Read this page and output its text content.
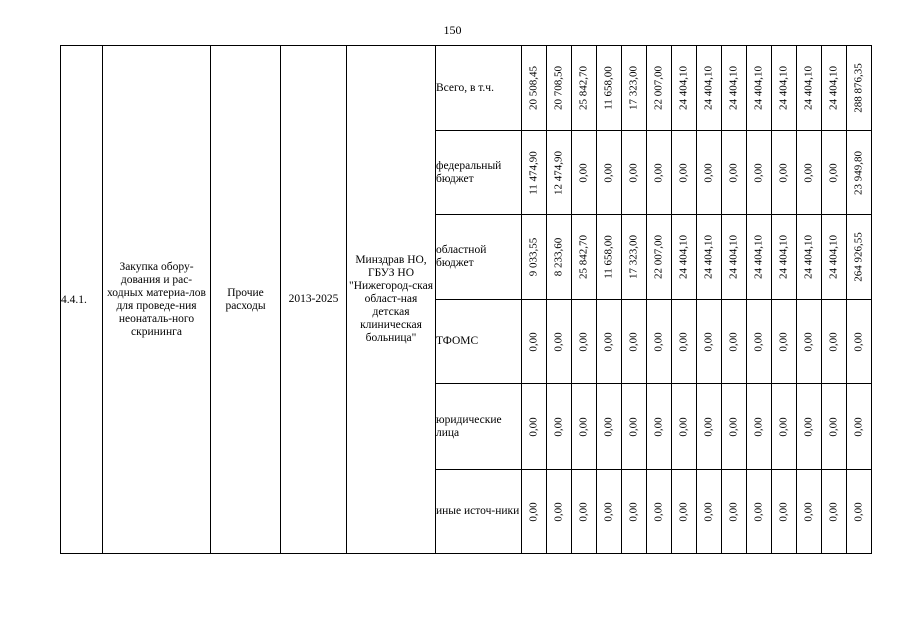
150
4.4.1.	Закупка обору-дования и рас-ходных материа-лов для проведе-ния неонаталь-ного скрининга	Прочие расходы	2013-2025	Минздрав НО, ГБУЗ НО "Нижегород-ская област-ная детская клиническая больница"	Всего, в т.ч.	20 508,45	20 708,50	25 842,70	11 658,00	17 323,00	22 007,00	24 404,10	24 404,10	24 404,10	24 404,10	24 404,10	24 404,10	24 404,10	288 876,35

					федеральный бюджет	11 474,90	12 474,90	0,00	0,00	0,00	0,00	0,00	0,00	0,00	0,00	0,00	0,00	0,00	23 949,80

					областной бюджет	9 033,55	8 233,60	25 842,70	11 658,00	17 323,00	22 007,00	24 404,10	24 404,10	24 404,10	24 404,10	24 404,10	24 404,10	24 404,10	264 926,55

					ТФОМС	0,00	0,00	0,00	0,00	0,00	0,00	0,00	0,00	0,00	0,00	0,00	0,00	0,00	0,00

					юридические лица	0,00	0,00	0,00	0,00	0,00	0,00	0,00	0,00	0,00	0,00	0,00	0,00	0,00	0,00

					иные источ-ники	0,00	0,00	0,00	0,00	0,00	0,00	0,00	0,00	0,00	0,00	0,00	0,00	0,00	0,00
